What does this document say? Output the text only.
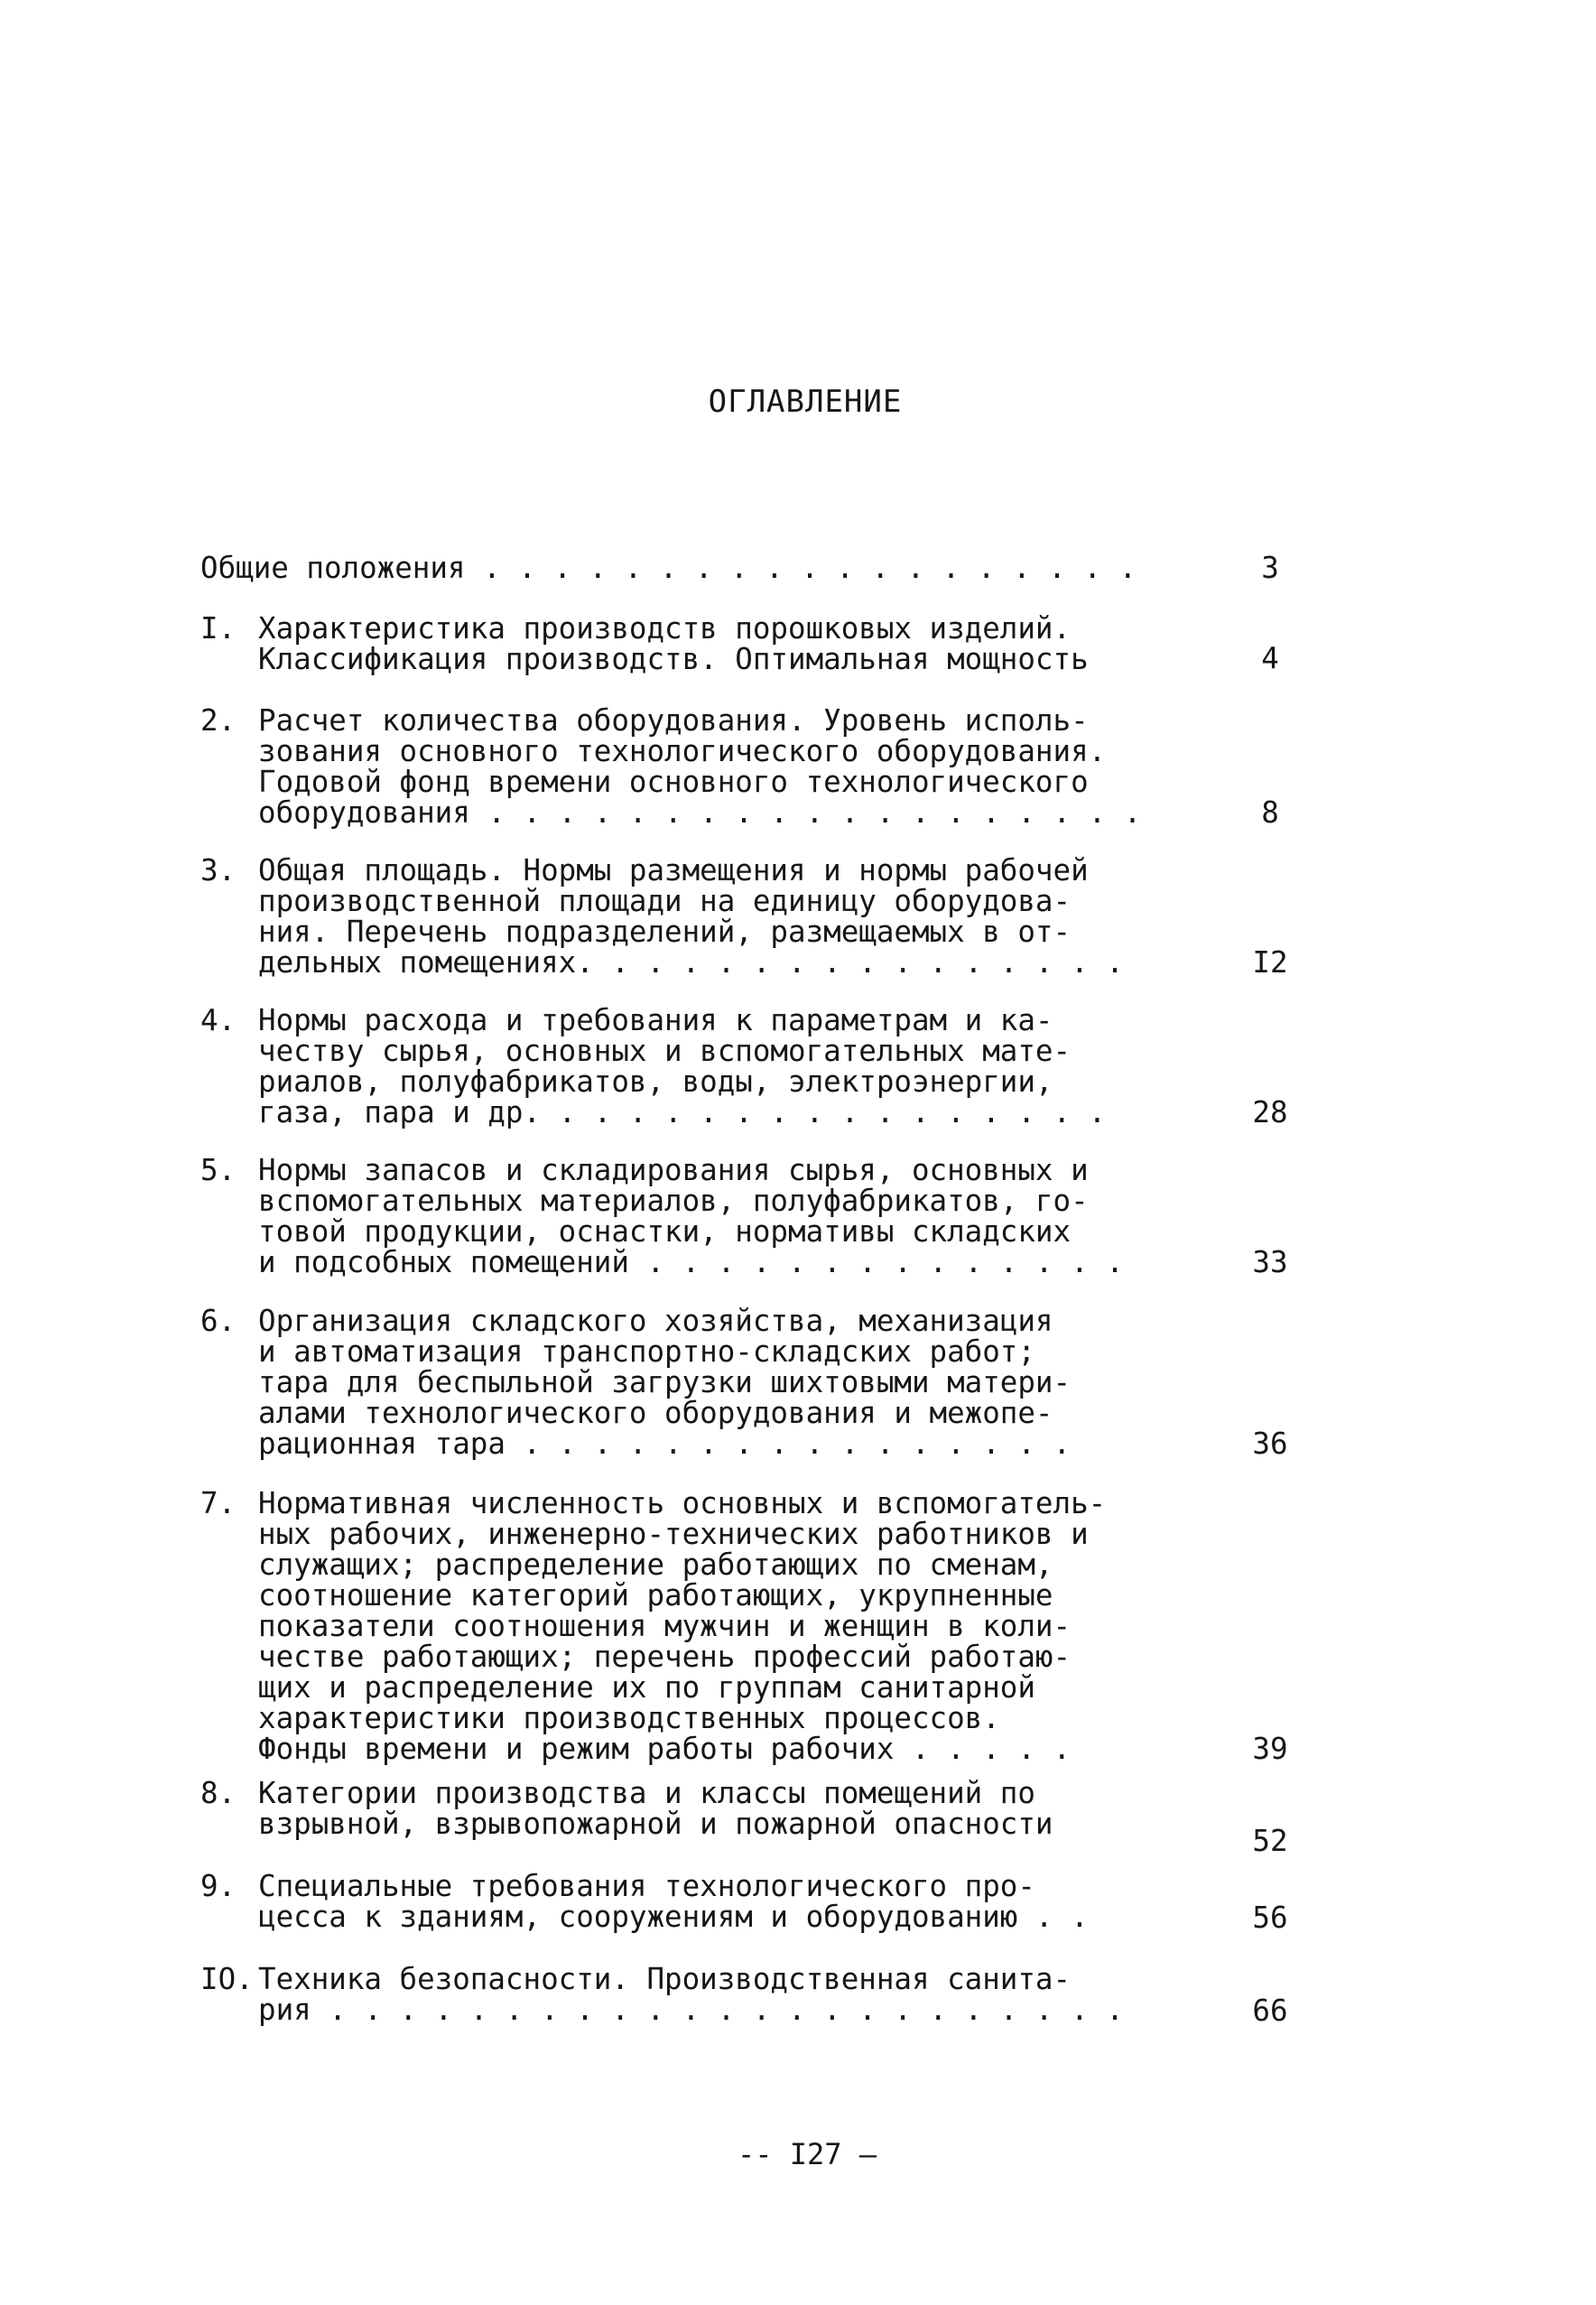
ОГЛАВЛЕНИЕ
Общие положения . . . . . . . . . . . . . . . . . . .	3
I. Характеристика производств порошковых изделий.
Классификация производств. Оптимальная мощность	4
2. Расчет количества оборудования. Уровень исполь-
зования основного технологического оборудования.
Годовой фонд времени основного технологического
оборудования . . . . . . . . . . . . . . . . . . .	8
3. Общая площадь. Нормы размещения и нормы рабочей
производственной площади на единицу оборудова-
ния. Перечень подразделений, размещаемых в от-
дельных помещениях. . . . . . . . . . . . . . . .	I2
4. Нормы расхода и требования к параметрам и ка-
честву сырья, основных и вспомогательных мате-
риалов, полуфабрикатов, воды, электроэнергии,
газа, пара и др. . . . . . . . . . . . . . . . .	28
5. Нормы запасов и складирования сырья, основных и
вспомогательных материалов, полуфабрикатов, го-
товой продукции, оснастки, нормативы складских
и подсобных помещений . . . . . . . . . . . . . .	33
6. Организация складского хозяйства, механизация
и автоматизация транспортно-складских работ;
тара для беспыльной загрузки шихтовыми матери-
алами технологического оборудования и межопе-
рационная тара . . . . . . . . . . . . . . . .	36
7. Нормативная численность основных и вспомогатель-
ных рабочих, инженерно-технических работников и
служащих; распределение работающих по сменам,
соотношение категорий работающих, укрупненные
показатели соотношения мужчин и женщин в коли-
честве работающих; перечень профессий работаю-
щих и распределение их по группам санитарной
характеристики производственных процессов.
Фонды времени и режим работы рабочих . . . . .	39
8. Категории производства и классы помещений по
взрывной, взрывопожарной и пожарной опасности	52
9. Специальные требования технологического про-
цесса к зданиям, сооружениям и оборудованию . .	56
IO. Техника безопасности. Производственная санита-
рия . . . . . . . . . . . . . . . . . . . . . . .	66
-- I27 —
